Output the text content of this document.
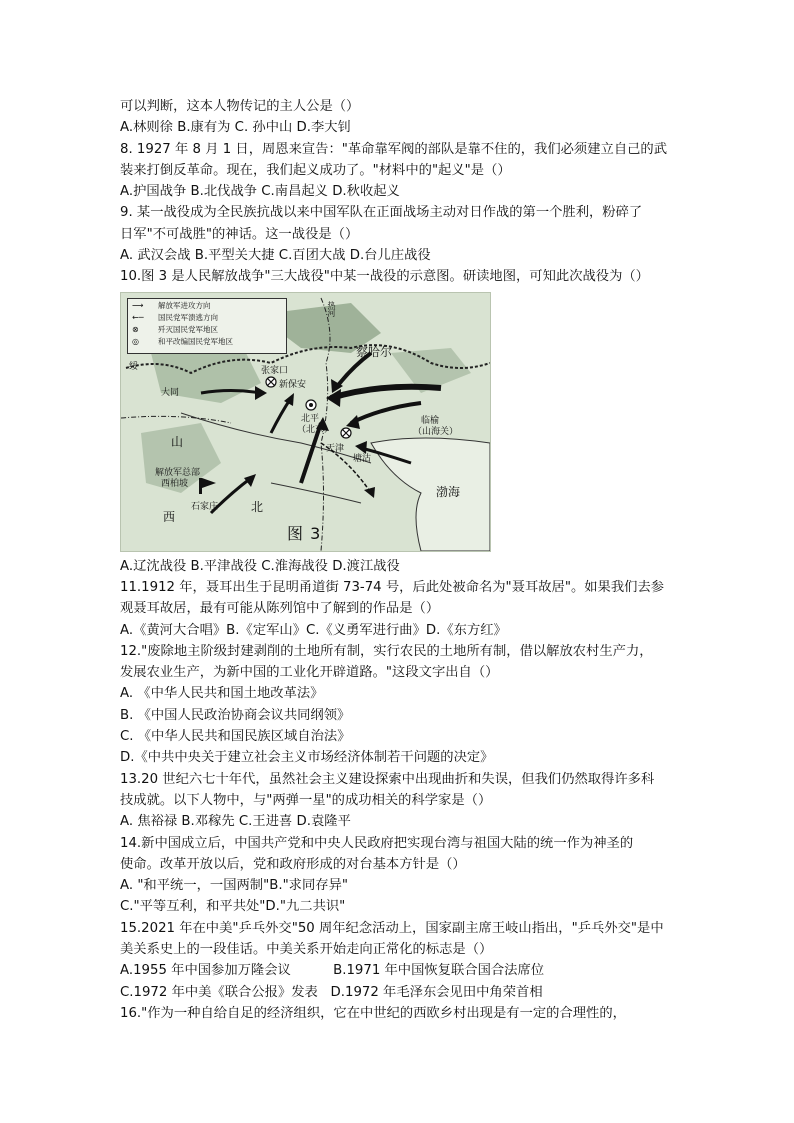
可以判断，这本人物传记的主人公是（）
A.林则徐 B.康有为 C. 孙中山 D.李大钊
8. 1927 年 8 月 1 日，周恩来宣告："革命靠军阀的部队是靠不住的，我们必须建立自己的武
装来打倒反革命。现在，我们起义成功了。"材料中的"起义"是（）
A.护国战争 B.北伐战争 C.南昌起义 D.秋收起义
9. 某一战役成为全民族抗战以来中国军队在正面战场主动对日作战的第一个胜利，粉碎了
日军"不可战胜"的神话。这一战役是（）
A. 武汉会战 B.平型关大捷 C.百团大战 D.台儿庄战役
10.图 3 是人民解放战争"三大战役"中某一战役的示意图。研读地图，可知此次战役为（）
⟶ 解放军进攻方向
←─ 国民党军溃逃方向
⊗	歼灭国民党军地区
◎	和平改编国民党军地区
热河
绥	张家口
新保安
大同
北平
（北京）
天津
塘沽
临榆
（山海关）
山
西
北
渤海
察哈尔
解放军总部
西柏坡
石家庄
图 3
A.辽沈战役 B.平津战役 C.淮海战役 D.渡江战役
11.1912 年，聂耳出生于昆明甬道街 73-74 号，后此处被命名为"聂耳故居"。如果我们去参
观聂耳故居，最有可能从陈列馆中了解到的作品是（）
A.《黄河大合唱》B.《定军山》C.《义勇军进行曲》D.《东方红》
12."废除地主阶级封建剥削的土地所有制，实行农民的土地所有制，借以解放农村生产力，
发展农业生产，为新中国的工业化开辟道路。"这段文字出自（）
A. 《中华人民共和国土地改革法》
B. 《中国人民政治协商会议共同纲领》
C. 《中华人民共和国民族区域自治法》
D.《中共中央关于建立社会主义市场经济体制若干问题的决定》
13.20 世纪六七十年代，虽然社会主义建设探索中出现曲折和失误，但我们仍然取得许多科
技成就。以下人物中，与"两弹一星"的成功相关的科学家是（）
A. 焦裕禄 B.邓稼先 C.王进喜 D.袁隆平
14.新中国成立后，中国共产党和中央人民政府把实现台湾与祖国大陆的统一作为神圣的
使命。改革开放以后，党和政府形成的对台基本方针是（）
A. "和平统一，一国两制"B."求同存异"
C."平等互利，和平共处"D."九二共识"
15.2021 年在中美"乒乓外交"50 周年纪念活动上，国家副主席王岐山指出，"乒乓外交"是中
美关系史上的一段佳话。中美关系开始走向正常化的标志是（）
A.1955 年中国参加万隆会议          B.1971 年中国恢复联合国合法席位
C.1972 年中美《联合公报》发表   D.1972 年毛泽东会见田中角荣首相
16."作为一种自给自足的经济组织，它在中世纪的西欧乡村出现是有一定的合理性的，
